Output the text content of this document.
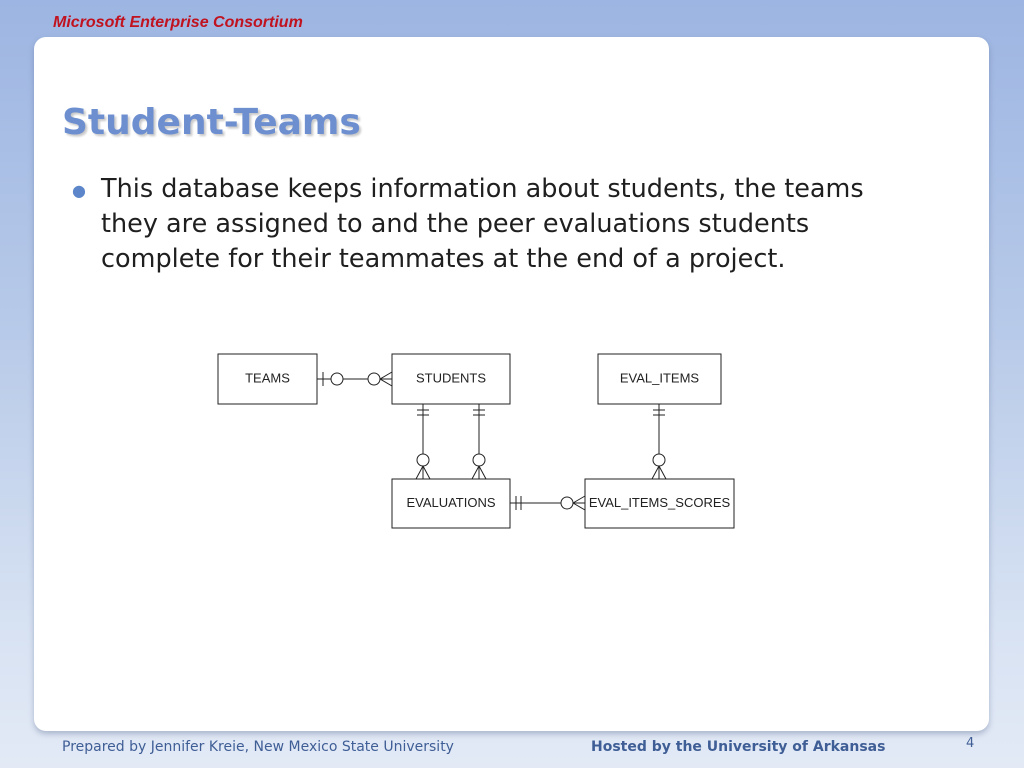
Microsoft Enterprise Consortium
Student-Teams
● This database keeps information about students, the teams they are assigned to and the peer evaluations students complete for their teammates at the end of a project.
TEAMS	STUDENTS	EVAL_ITEMS
EVALUATIONS	EVAL_ITEMS_SCORES
Prepared by Jennifer Kreie, New Mexico State University	Hosted by the University of Arkansas	4
